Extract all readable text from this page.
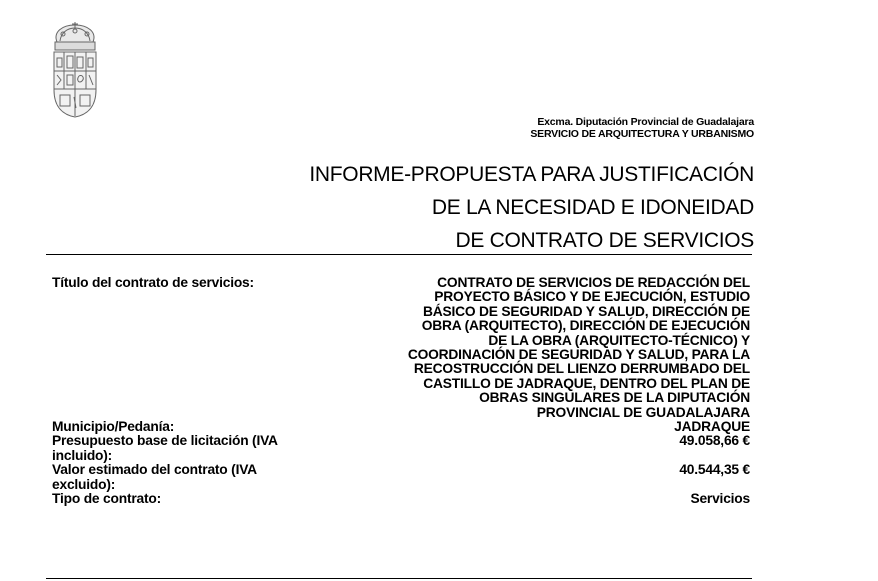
Excma. Diputación Provincial de Guadalajara
SERVICIO DE ARQUITECTURA Y URBANISMO
INFORME-PROPUESTA PARA JUSTIFICACIÓN
DE LA NECESIDAD E IDONEIDAD
DE CONTRATO DE SERVICIOS
Título del contrato de servicios:	CONTRATO DE SERVICIOS DE REDACCIÓN DEL
PROYECTO BÁSICO Y DE EJECUCIÓN, ESTUDIO
BÁSICO DE SEGURIDAD Y SALUD, DIRECCIÓN DE
OBRA (ARQUITECTO), DIRECCIÓN DE EJECUCIÓN
DE LA OBRA (ARQUITECTO-TÉCNICO) Y
COORDINACIÓN DE SEGURIDAD Y SALUD, PARA LA
RECOSTRUCCIÓN DEL LIENZO DERRUMBADO DEL
CASTILLO DE JADRAQUE, DENTRO DEL PLAN DE
OBRAS SINGULARES DE LA DIPUTACIÓN
PROVINCIAL DE GUADALAJARA
Municipio/Pedanía:	JADRAQUE
Presupuesto base de licitación (IVA incluido):
49.058,66 €
Valor estimado del contrato (IVA excluido):
40.544,35 €
Tipo de contrato:	Servicios
